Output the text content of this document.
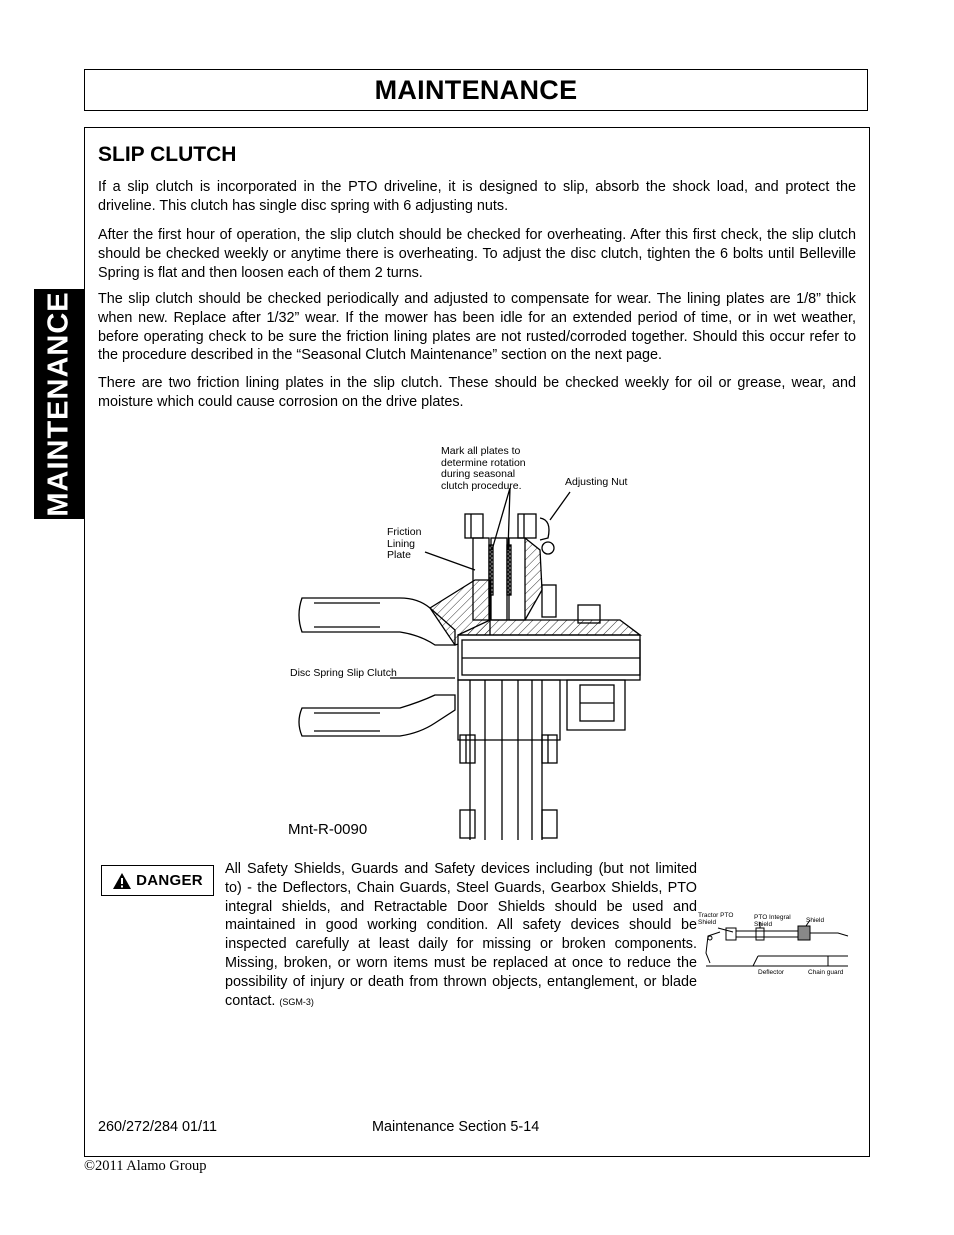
MAINTENANCE
MAINTENANCE
SLIP CLUTCH

If a slip clutch is incorporated in the PTO driveline, it is designed to slip, absorb the shock load, and protect the driveline. This clutch has single disc spring with 6 adjusting nuts.

After the first hour of operation, the slip clutch should be checked for overheating. After this first check, the slip clutch should be checked weekly or anytime there is overheating. To adjust the disc clutch, tighten the 6 bolts until Belleville Spring is flat and then loosen each of them 2 turns.

The slip clutch should be checked periodically and adjusted to compensate for wear. The lining plates are 1/8” thick when new. Replace after 1/32” wear. If the mower has been idle for an extended period of time, or in wet weather, before operating check to be sure the friction lining plates are not rusted/corroded together. Should this occur refer to the procedure described in the “Seasonal Clutch Maintenance” section on the next page.

There are two friction lining plates in the slip clutch. These should be checked weekly for oil or grease, wear, and moisture which could cause corrosion on the drive plates.

Mark all plates to determine rotation during seasonal clutch procedure.	Adjusting Nut
Friction Lining Plate
Disc Spring Slip Clutch
Mnt-R-0090
DANGER

All Safety Shields, Guards and Safety devices including (but not limited to) - the Deflectors, Chain Guards, Steel Guards, Gearbox Shields, PTO integral shields, and Retractable Door Shields should be used and maintained in good working condition. All safety devices should be inspected carefully at least daily for missing or broken components. Missing, broken, or worn items must be replaced at once to reduce the possibility of injury or death from thrown objects, entanglement, or blade contact. (SGM-3)

Tractor PTO Shield
PTO Integral Shield
Shield
Deflector	Chain guard
260/272/284 01/11	Maintenance Section 5-14
©2011 Alamo Group
